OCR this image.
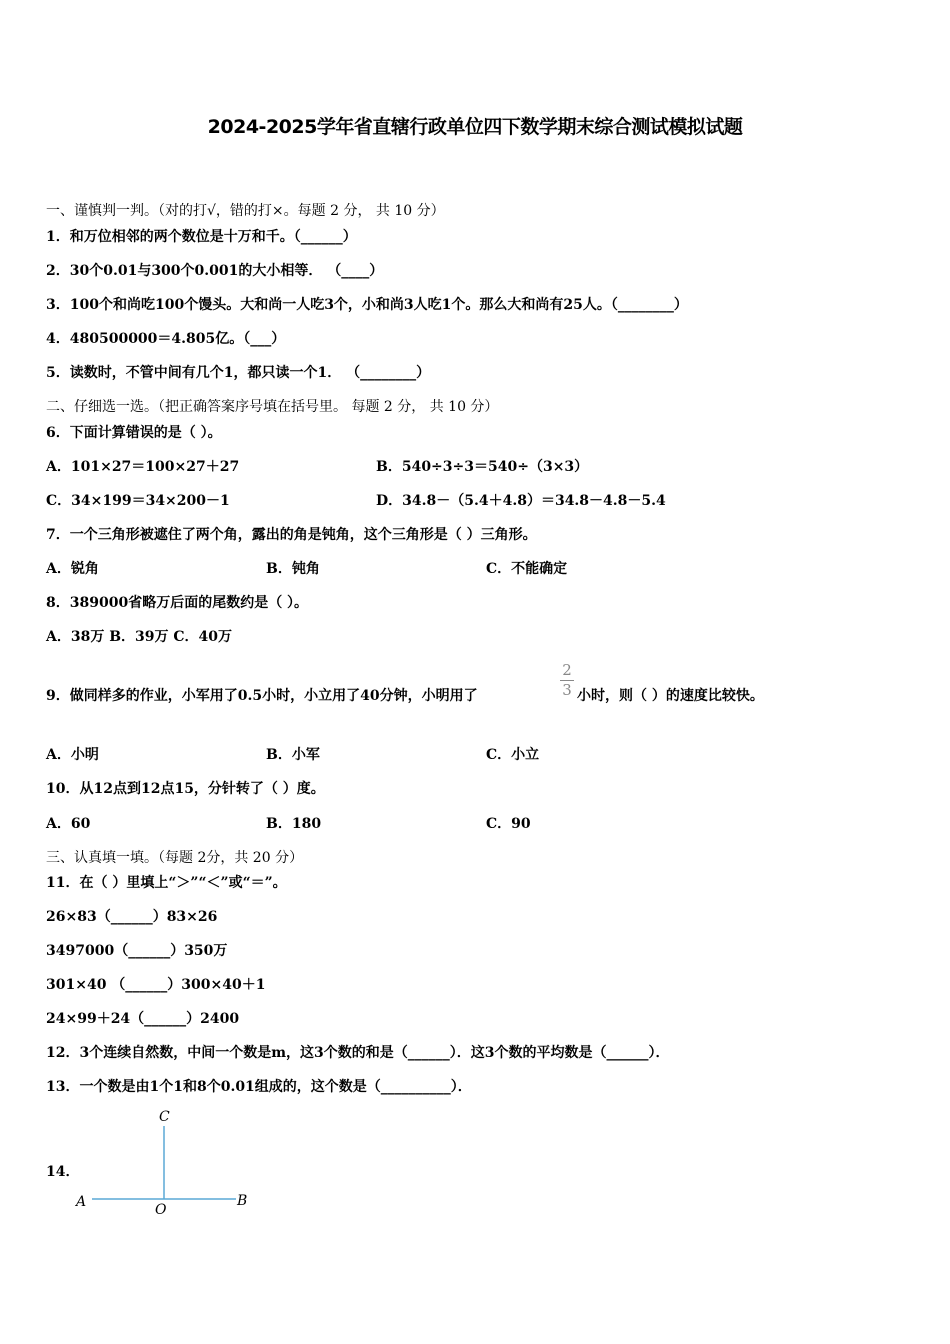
2024-2025学年省直辖行政单位四下数学期末综合测试模拟试题
一、谨慎判一判。（对的打√，错的打×。每题 2 分， 共 10 分）
1．和万位相邻的两个数位是十万和千。（______）
2．30个0.01与300个0.001的大小相等． （____）
3．100个和尚吃100个馒头。大和尚一人吃3个，小和尚3人吃1个。那么大和尚有25人。（________）
4．480500000＝4.805亿。（___）
5．读数时，不管中间有几个1，都只读一个1． （________）
二、仔细选一选。（把正确答案序号填在括号里。 每题 2 分， 共 10 分）
6．下面计算错误的是（ ）。
A．101×27＝100×27＋27	B．540÷3÷3＝540÷（3×3）
C．34×199＝34×200－1	D．34.8－（5.4＋4.8）＝34.8－4.8－5.4
7．一个三角形被遮住了两个角，露出的角是钝角，这个三角形是（ ）三角形。
A．锐角	B．钝角	C．不能确定
8．389000省略万后面的尾数约是（ ）。
A．38万 B．39万 C．40万
9．做同样多的作业，小军用了0.5小时，小立用了40分钟，小明用了
2
3 小时，则（ ）的速度比较快。
A．小明	B．小军	C．小立
10．从12点到12点15，分针转了（ ）度。
A．60	B．180	C．90
三、认真填一填。（每题 2分，共 20 分）
11．在（ ）里填上“＞”“＜”或“＝”。
26×83（______）83×26
3497000（______）350万
301×40 （______）300×40＋1
24×99＋24（______）2400
12．3个连续自然数，中间一个数是m，这3个数的和是（______）．这3个数的平均数是（______）．
13．一个数是由1个1和8个0.01组成的，这个数是（__________）．
14．
A	B
C
O
